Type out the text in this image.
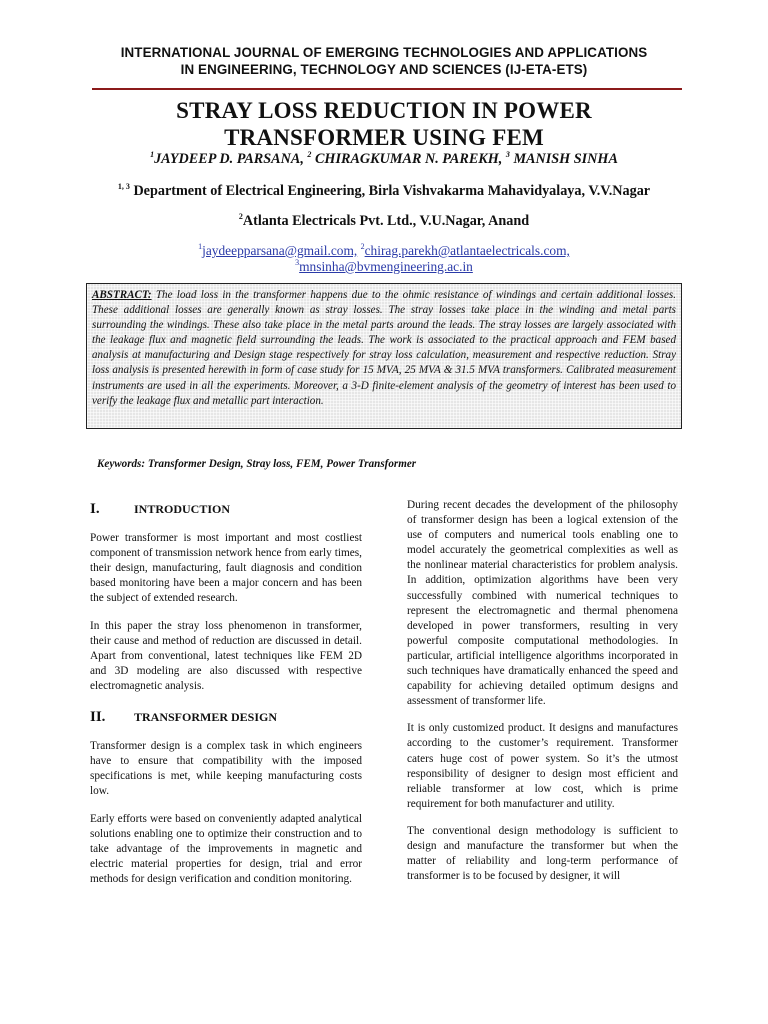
INTERNATIONAL JOURNAL OF EMERGING TECHNOLOGIES AND APPLICATIONS
IN ENGINEERING, TECHNOLOGY AND SCIENCES (IJ-ETA-ETS)
STRAY LOSS REDUCTION IN POWER
TRANSFORMER USING FEM
$^1$JAYDEEP D. PARSANA, $^2$ CHIRAGKUMAR N. PAREKH, $^3$ MANISH SINHA
$^{1, 3}$ Department of Electrical Engineering, Birla Vishvakarma Mahavidyalaya, V.V.Nagar
$^2$Atlanta Electricals Pvt. Ltd., V.U.Nagar, Anand
$^1$jaydeepparsana@gmail.com, $^2$chirag.parekh@atlantaelectricals.com,
$^3$mnsinha@bvmengineering.ac.in
ABSTRACT: The load loss in the transformer happens due to the ohmic resistance of windings and certain additional losses. These additional losses are generally known as stray losses. The stray losses take place in the winding and metal parts surrounding the windings. These also take place in the metal parts around the leads. The stray losses are largely associated with the leakage flux and magnetic field surrounding the leads. The work is associated to the practical approach and FEM based analysis at manufacturing and Design stage respectively for stray loss calculation, measurement and respective reduction. Stray loss analysis is presented herewith in form of case study for 15 MVA, 25 MVA & 31.5 MVA transformers. Calibrated measurement instruments are used in all the experiments. Moreover, a 3-D finite-element analysis of the geometry of interest has been used to verify the leakage flux and metallic part interaction.
Keywords: Transformer Design, Stray loss, FEM, Power Transformer
I.	INTRODUCTION

Power transformer is most important and most costliest component of transmission network hence from early times, their design, manufacturing, fault diagnosis and condition based monitoring have been a major concern and has been the subject of extended research.

In this paper the stray loss phenomenon in transformer, their cause and method of reduction are discussed in detail. Apart from conventional, latest techniques like FEM 2D and 3D modeling are also discussed with respective electromagnetic analysis.

II.	TRANSFORMER DESIGN

Transformer design is a complex task in which engineers have to ensure that compatibility with the imposed specifications is met, while keeping manufacturing costs low.

Early efforts were based on conveniently adapted analytical solutions enabling one to optimize their construction and to take advantage of the improvements in magnetic and electric material properties for design, trial and error methods for design verification and condition monitoring.

During recent decades the development of the philosophy of transformer design has been a logical extension of the use of computers and numerical tools enabling one to model accurately the geometrical complexities as well as the nonlinear material characteristics for problem analysis. In addition, optimization algorithms have been very successfully combined with numerical techniques to represent the electromagnetic and thermal phenomena developed in power transformers, resulting in very powerful composite computational methodologies. In particular, artificial intelligence algorithms incorporated in such techniques have dramatically enhanced the speed and capability for achieving detailed optimum designs and assessment of transformer life.

It is only customized product. It designs and manufactures according to the customer’s requirement. Transformer caters huge cost of power system. So it’s the utmost responsibility of designer to design most efficient and reliable transformer at low cost, which is prime requirement for both manufacturer and utility.

The conventional design methodology is sufficient to design and manufacture the transformer but when the matter of reliability and long-term performance of transformer is to be focused by designer, it will
